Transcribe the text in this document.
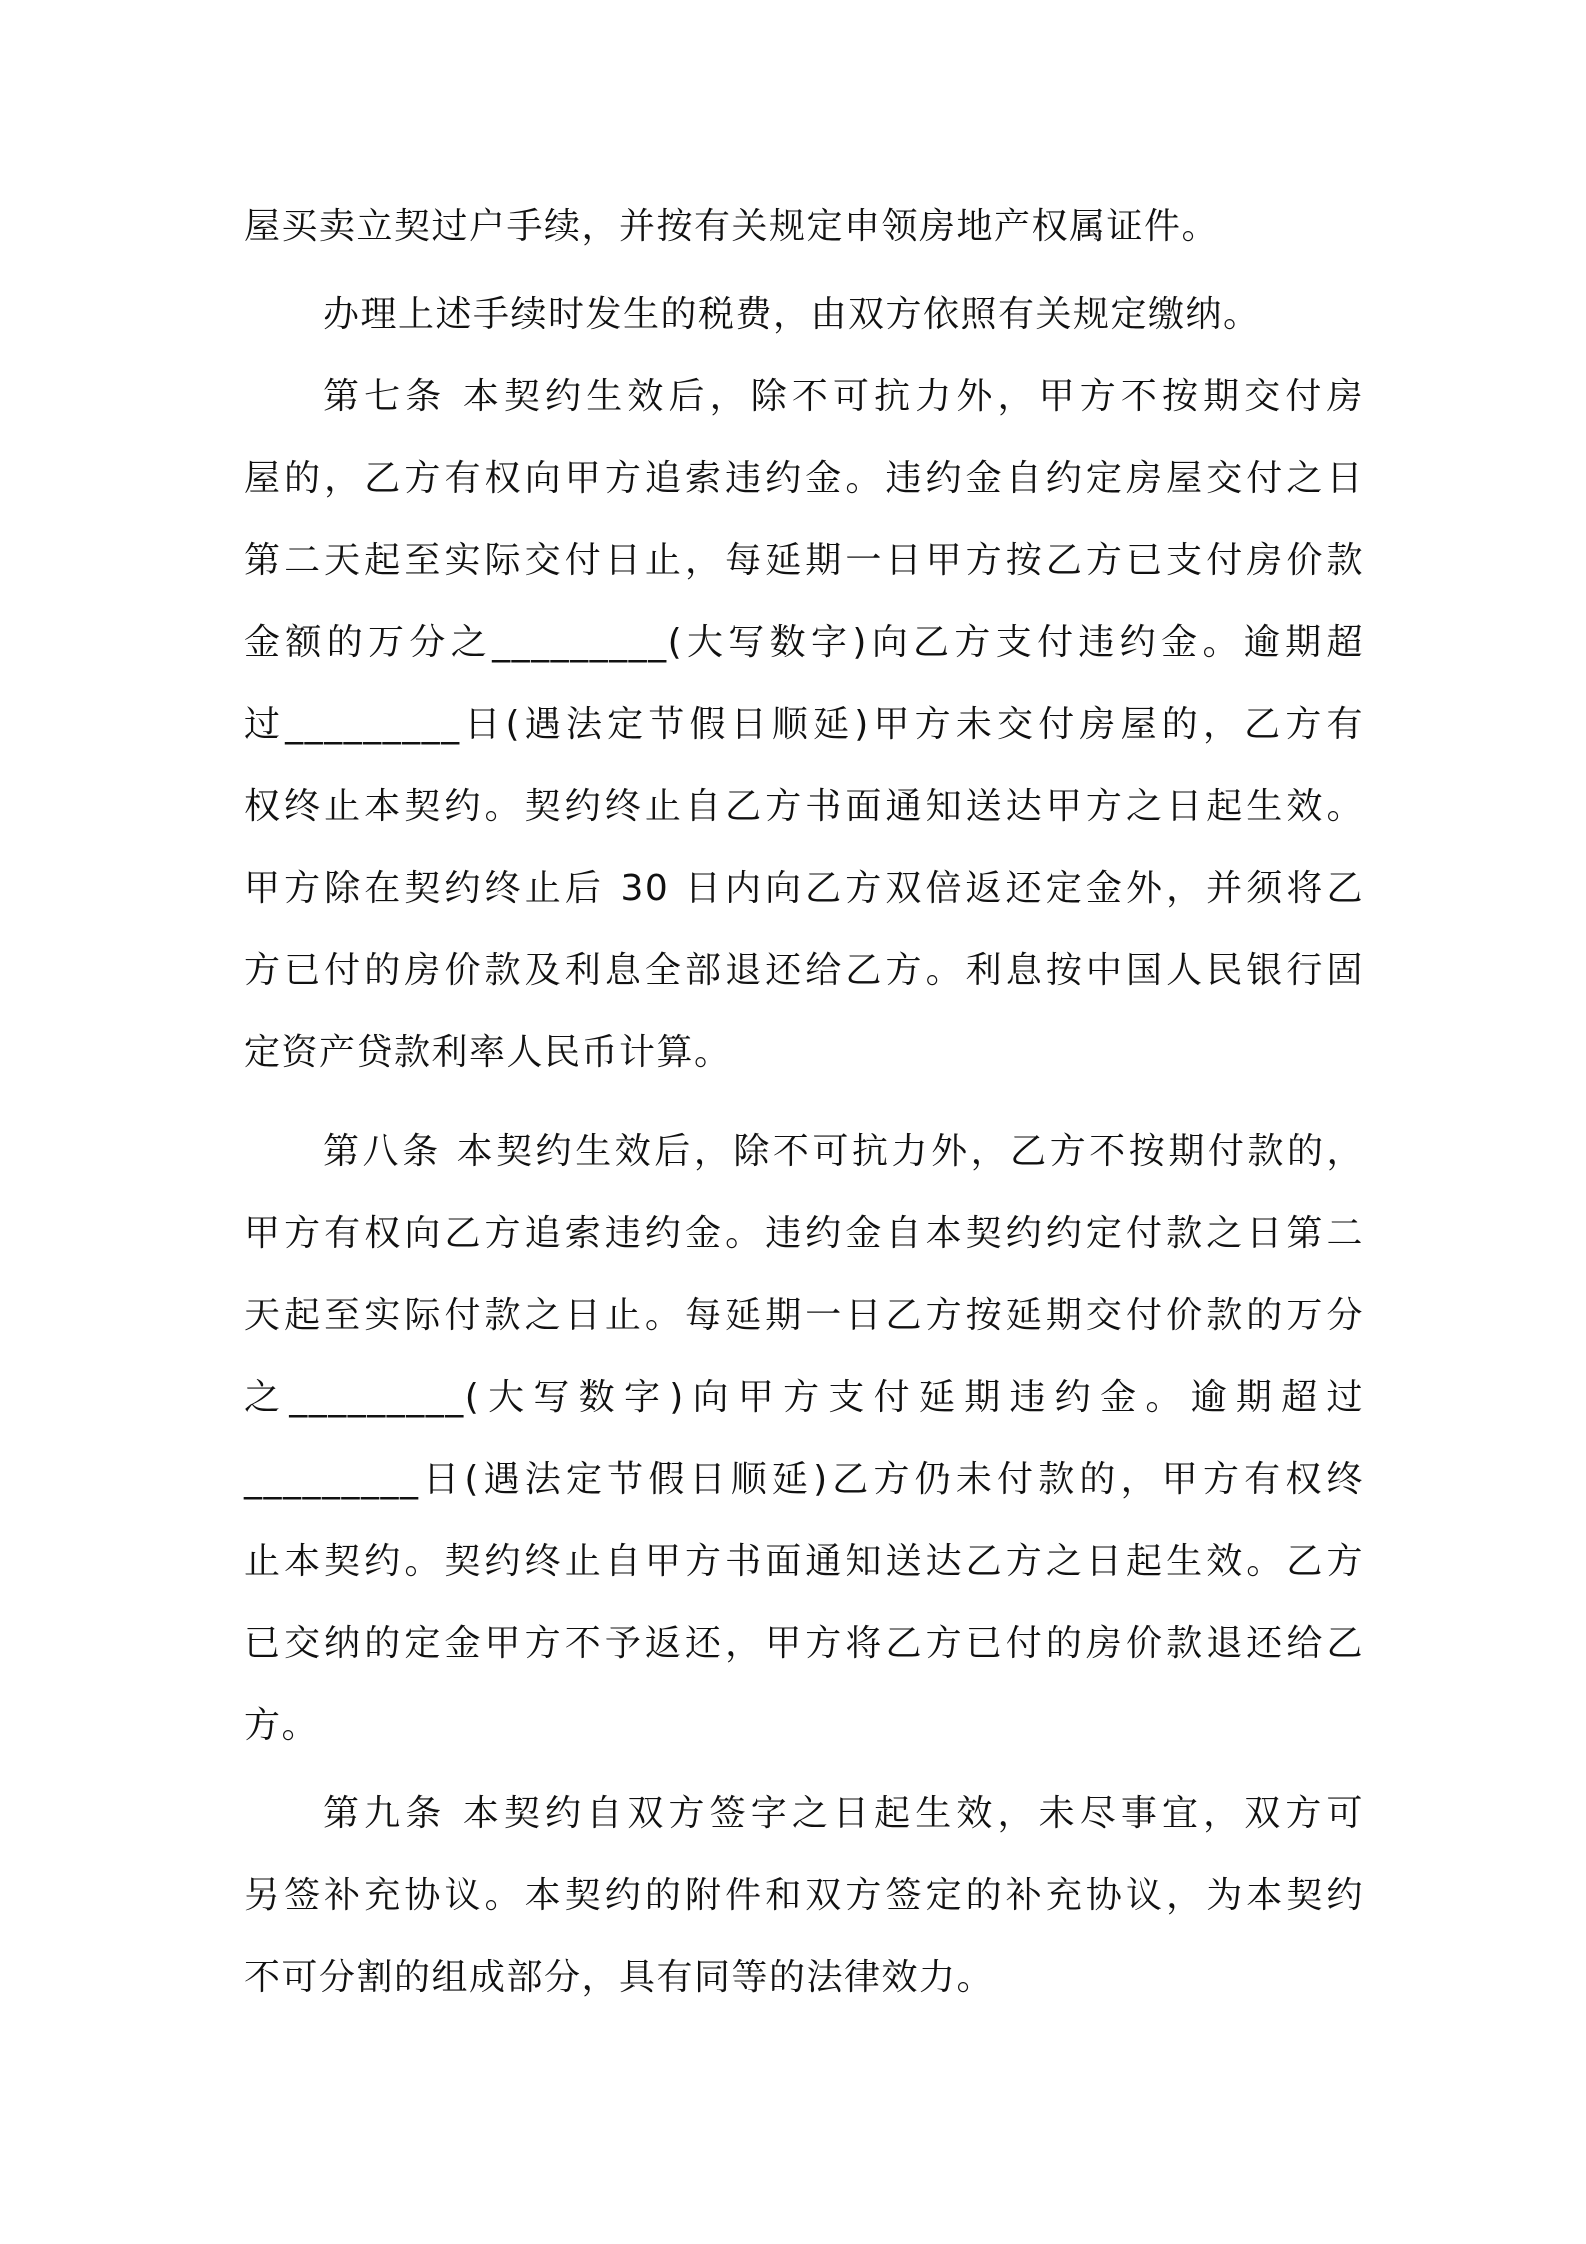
屋买卖立契过户手续，并按有关规定申领房地产权属证件。
办理上述手续时发生的税费，由双方依照有关规定缴纳。
第七条 本契约生效后，除不可抗力外，甲方不按期交付房
屋的，乙方有权向甲方追索违约金。违约金自约定房屋交付之日
第二天起至实际交付日止，每延期一日甲方按乙方已支付房价款
金额的万分之_________(大写数字)向乙方支付违约金。逾期超
过_________日(遇法定节假日顺延)甲方未交付房屋的，乙方有
权终止本契约。契约终止自乙方书面通知送达甲方之日起生效。
甲方除在契约终止后 30 日内向乙方双倍返还定金外，并须将乙
方已付的房价款及利息全部退还给乙方。利息按中国人民银行固
定资产贷款利率人民币计算。
第八条 本契约生效后，除不可抗力外，乙方不按期付款的，
甲方有权向乙方追索违约金。违约金自本契约约定付款之日第二
天起至实际付款之日止。每延期一日乙方按延期交付价款的万分
之_________(大写数字)向甲方支付延期违约金。逾期超过
_________日(遇法定节假日顺延)乙方仍未付款的，甲方有权终
止本契约。契约终止自甲方书面通知送达乙方之日起生效。乙方
已交纳的定金甲方不予返还，甲方将乙方已付的房价款退还给乙
方。
第九条 本契约自双方签字之日起生效，未尽事宜，双方可
另签补充协议。本契约的附件和双方签定的补充协议，为本契约
不可分割的组成部分，具有同等的法律效力。
